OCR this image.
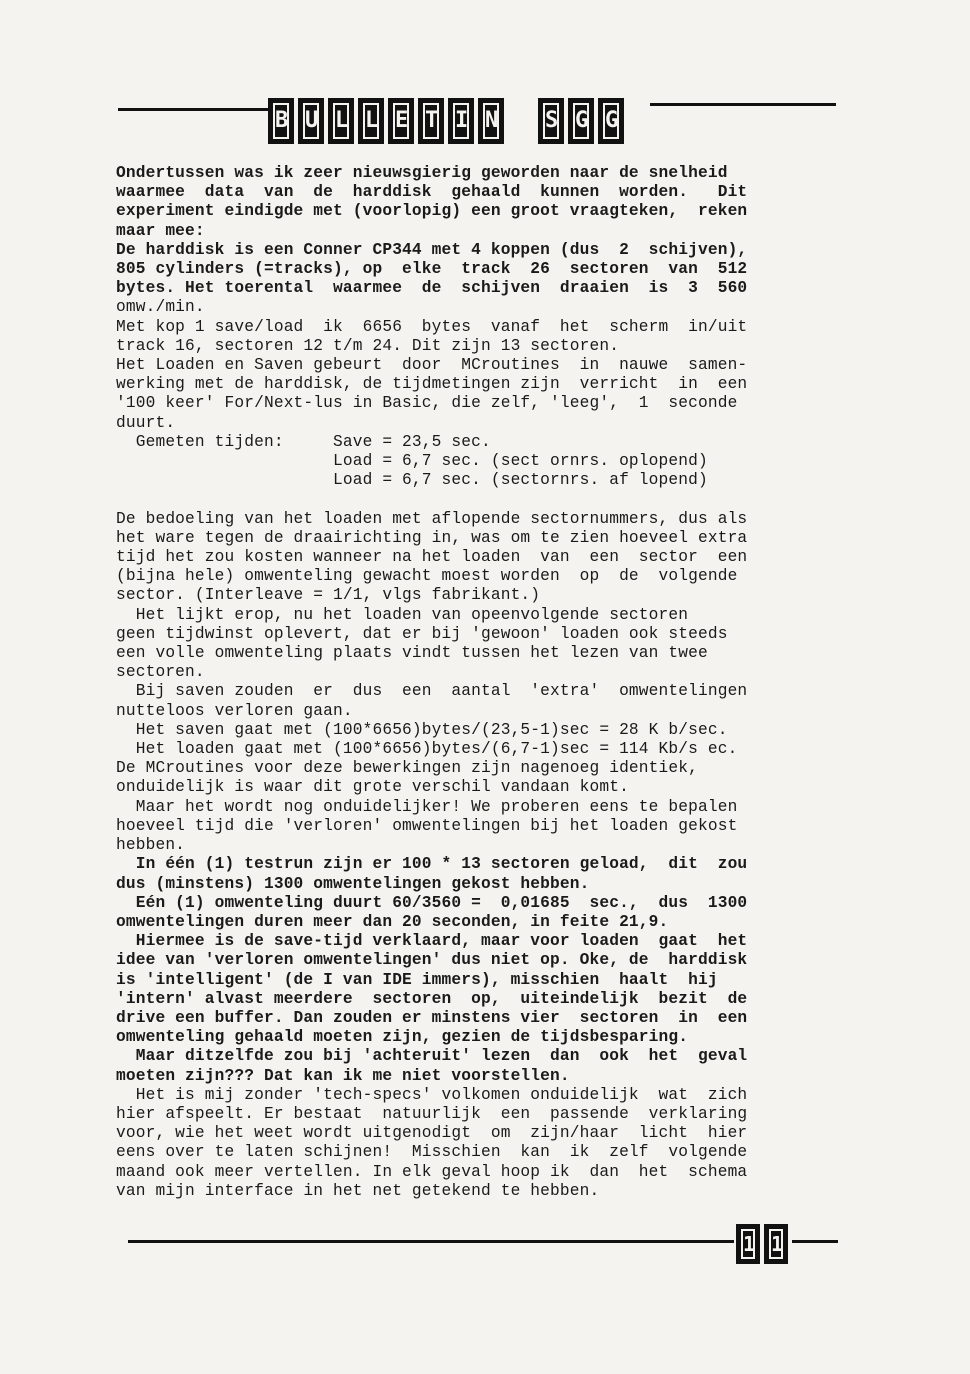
B U L L E T I N S G G

Ondertussen was ik zeer nieuwsgierig geworden naar de snelheid

waarmee  data  van  de  harddisk  gehaald  kunnen  worden.   Dit

experiment eindigde met (voorlopig) een groot vraagteken,  reken

maar mee:

De harddisk is een Conner CP344 met 4 koppen (dus  2  schijven),

805 cylinders (=tracks), op  elke  track  26  sectoren  van  512

bytes. Het toerental  waarmee  de  schijven  draaien  is  3  560

omw./min.

Met kop 1 save/load  ik  6656  bytes  vanaf  het  scherm  in/uit

track 16, sectoren 12 t/m 24. Dit zijn 13 sectoren.

Het Loaden en Saven gebeurt  door  MCroutines  in  nauwe  samen-

werking met de harddisk, de tijdmetingen zijn  verricht  in  een

'100 keer' For/Next-lus in Basic, die zelf, 'leeg',  1  seconde

duurt.

Gemeten tijden:     Save = 23,5 sec.

Load = 6,7 sec. (sect ornrs. oplopend)

Load = 6,7 sec. (sectornrs. af lopend)

De bedoeling van het loaden met aflopende sectornummers, dus als

het ware tegen de draairichting in, was om te zien hoeveel extra

tijd het zou kosten wanneer na het loaden  van  een  sector  een

(bijna hele) omwenteling gewacht moest worden  op  de  volgende

sector. (Interleave = 1/1, vlgs fabrikant.)

Het lijkt erop, nu het loaden van opeenvolgende sectoren

geen tijdwinst oplevert, dat er bij 'gewoon' loaden ook steeds

een volle omwenteling plaats vindt tussen het lezen van twee

sectoren.

Bij saven zouden  er  dus  een  aantal  'extra'  omwentelingen

nutteloos verloren gaan.

Het saven gaat met (100*6656)bytes/(23,5-1)sec = 28 K b/sec.

Het loaden gaat met (100*6656)bytes/(6,7-1)sec = 114 Kb/s ec.

De MCroutines voor deze bewerkingen zijn nagenoeg identiek,

onduidelijk is waar dit grote verschil vandaan komt.

Maar het wordt nog onduidelijker! We proberen eens te bepalen

hoeveel tijd die 'verloren' omwentelingen bij het loaden gekost

hebben.

In één (1) testrun zijn er 100 * 13 sectoren geload,  dit  zou

dus (minstens) 1300 omwentelingen gekost hebben.

Eén (1) omwenteling duurt 60/3560 =  0,01685  sec.,  dus  1300

omwentelingen duren meer dan 20 seconden, in feite 21,9.

Hiermee is de save-tijd verklaard, maar voor loaden  gaat  het

idee van 'verloren omwentelingen' dus niet op. Oke, de  harddisk

is 'intelligent' (de I van IDE immers), misschien  haalt  hij

'intern' alvast meerdere  sectoren  op,  uiteindelijk  bezit  de

drive een buffer. Dan zouden er minstens vier  sectoren  in  een

omwenteling gehaald moeten zijn, gezien de tijdsbesparing.

Maar ditzelfde zou bij 'achteruit' lezen  dan  ook  het  geval

moeten zijn??? Dat kan ik me niet voorstellen.

Het is mij zonder 'tech-specs' volkomen onduidelijk  wat  zich

hier afspeelt. Er bestaat  natuurlijk  een  passende  verklaring

voor, wie het weet wordt uitgenodigt  om  zijn/haar  licht  hier

eens over te laten schijnen!  Misschien  kan  ik  zelf  volgende

maand ook meer vertellen. In elk geval hoop ik  dan  het  schema

van mijn interface in het net getekend te hebben.

1 1
